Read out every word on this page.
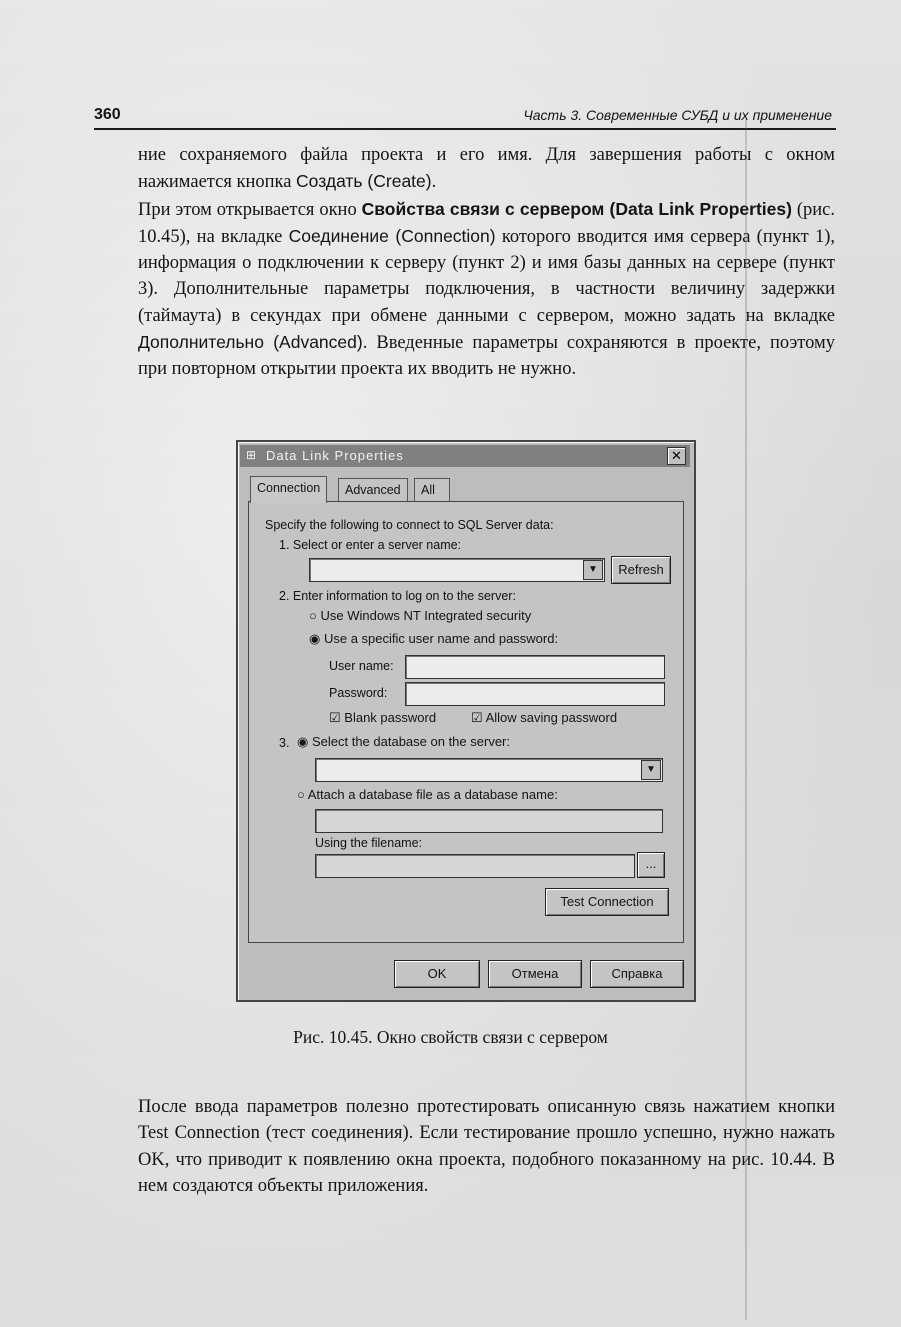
360	Часть 3. Современные СУБД и их применение

ние сохраняемого файла проекта и его имя. Для завершения работы с окном нажимается кнопка Создать (Create).

При этом открывается окно Свойства связи с сервером (Data Link Properties) (рис. 10.45), на вкладке Соединение (Connection) которого вводится имя сервера (пункт 1), информация о подключении к серверу (пункт 2) и имя базы данных на сервере (пункт 3). Дополнительные параметры подключения, в частности величину задержки (таймаута) в секундах при обмене данными с сервером, можно задать на вкладке Дополнительно (Advanced). Введенные параметры сохраняются в проекте, поэтому при повторном открытии проекта их вводить не нужно.

⊞ Data Link Properties	✕
Connection	Advanced	All
Specify the following to connect to SQL Server data:
1. Select or enter a server name:
▼	Refresh
2. Enter information to log on to the server:
○ Use Windows NT Integrated security
◉ Use a specific user name and password:
User name:
Password:
☑ Blank password	☑ Allow saving password
3. ◉ Select the database on the server:
▼
○ Attach a database file as a database name:
Using the filename:
...
Test Connection
OK	Отмена	Справка
Рис. 10.45. Окно свойств связи с сервером

После ввода параметров полезно протестировать описанную связь нажатием кнопки Test Connection (тест соединения). Если тестирование прошло успешно, нужно нажать OK, что приводит к появлению окна проекта, подобного показанному на рис. 10.44. В нем создаются объекты приложения.
